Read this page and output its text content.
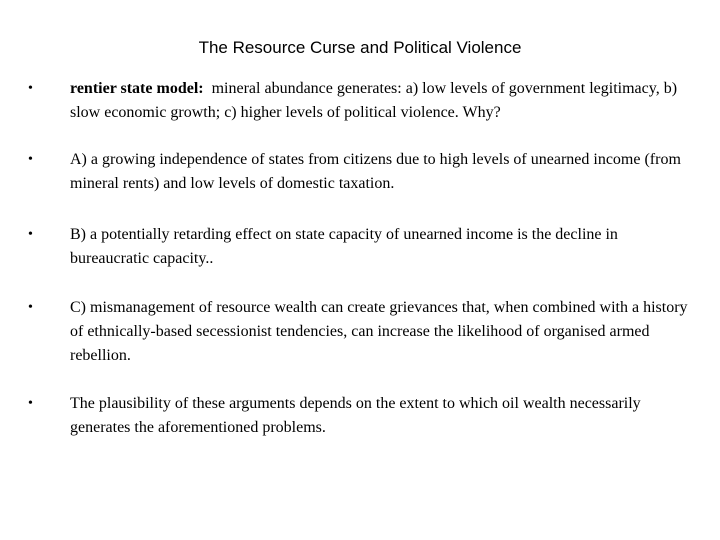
The Resource Curse and Political Violence
•	rentier state model: mineral abundance generates: a) low levels of government legitimacy, b) slow economic growth; c) higher levels of political violence. Why?
•	A) a growing independence of states from citizens due to high levels of unearned income (from mineral rents) and low levels of domestic taxation.
•	B) a potentially retarding effect on state capacity of unearned income is the decline in bureaucratic capacity..
•	C) mismanagement of resource wealth can create grievances that, when combined with a history of ethnically-based secessionist tendencies, can increase the likelihood of organised armed rebellion.
•	The plausibility of these arguments depends on the extent to which oil wealth necessarily generates the aforementioned problems.
